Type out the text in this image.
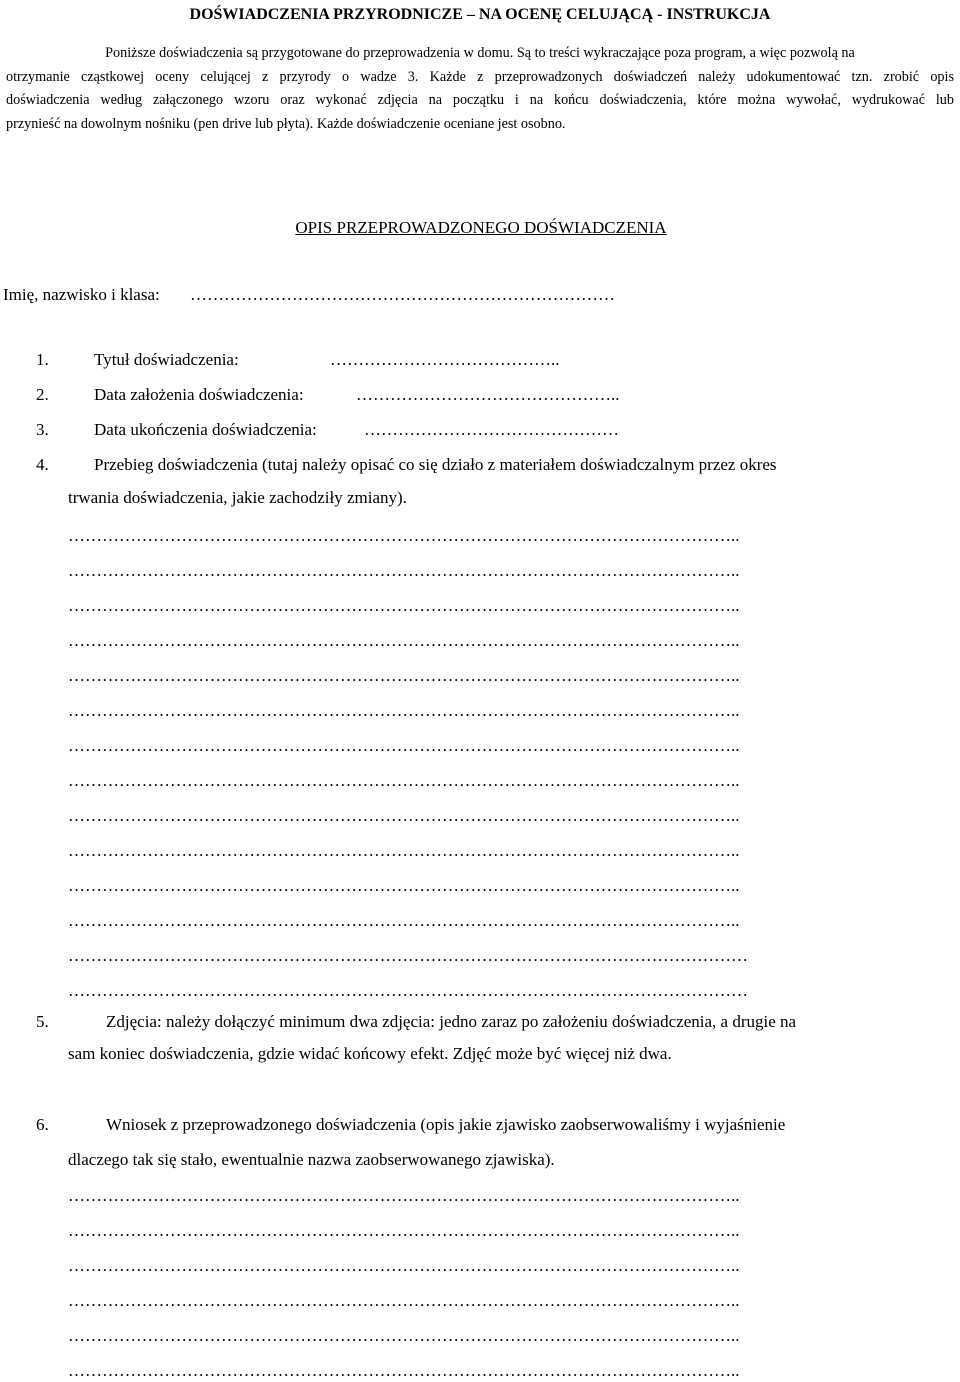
DOŚWIADCZENIA PRZYRODNICZE – NA OCENĘ CELUJĄCĄ - INSTRUKCJA
Poniższe doświadczenia są przygotowane do przeprowadzenia w domu. Są to treści wykraczające poza program, a więc pozwolą na
otrzymanie cząstkowej oceny celującej z przyrody o wadze 3. Każde z przeprowadzonych doświadczeń należy udokumentować tzn. zrobić opis
doświadczenia według załączonego wzoru oraz wykonać zdjęcia na początku i na końcu doświadczenia, które można wywołać, wydrukować lub
przynieść na dowolnym nośniku (pen drive lub płyta). Każde doświadczenie oceniane jest osobno.
OPIS PRZEPROWADZONEGO DOŚWIADCZENIA
Imię, nazwisko i klasa: …………………………………………………………………
1.	Tytuł doświadczenia:	…………………………………..
2.	Data założenia doświadczenia:	………………………………………..
3.	Data ukończenia doświadczenia:	………………………………………
4.	Przebieg doświadczenia (tutaj należy opisać co się działo z materiałem doświadczalnym przez okres
trwania doświadczenia, jakie zachodziły zmiany).
………………………………………………………………………………………………………..
………………………………………………………………………………………………………..
………………………………………………………………………………………………………..
………………………………………………………………………………………………………..
………………………………………………………………………………………………………..
………………………………………………………………………………………………………..
………………………………………………………………………………………………………..
………………………………………………………………………………………………………..
………………………………………………………………………………………………………..
………………………………………………………………………………………………………..
………………………………………………………………………………………………………..
………………………………………………………………………………………………………..
…………………………………………………………………………………………………………
…………………………………………………………………………………………………………
5.	Zdjęcia: należy dołączyć minimum dwa zdjęcia: jedno zaraz po założeniu doświadczenia, a drugie na
sam koniec doświadczenia, gdzie widać końcowy efekt. Zdjęć może być więcej niż dwa.
6.	Wniosek z przeprowadzonego doświadczenia (opis jakie zjawisko zaobserwowaliśmy i wyjaśnienie
dlaczego tak się stało, ewentualnie nazwa zaobserwowanego zjawiska).
………………………………………………………………………………………………………..
………………………………………………………………………………………………………..
………………………………………………………………………………………………………..
………………………………………………………………………………………………………..
………………………………………………………………………………………………………..
………………………………………………………………………………………………………..
